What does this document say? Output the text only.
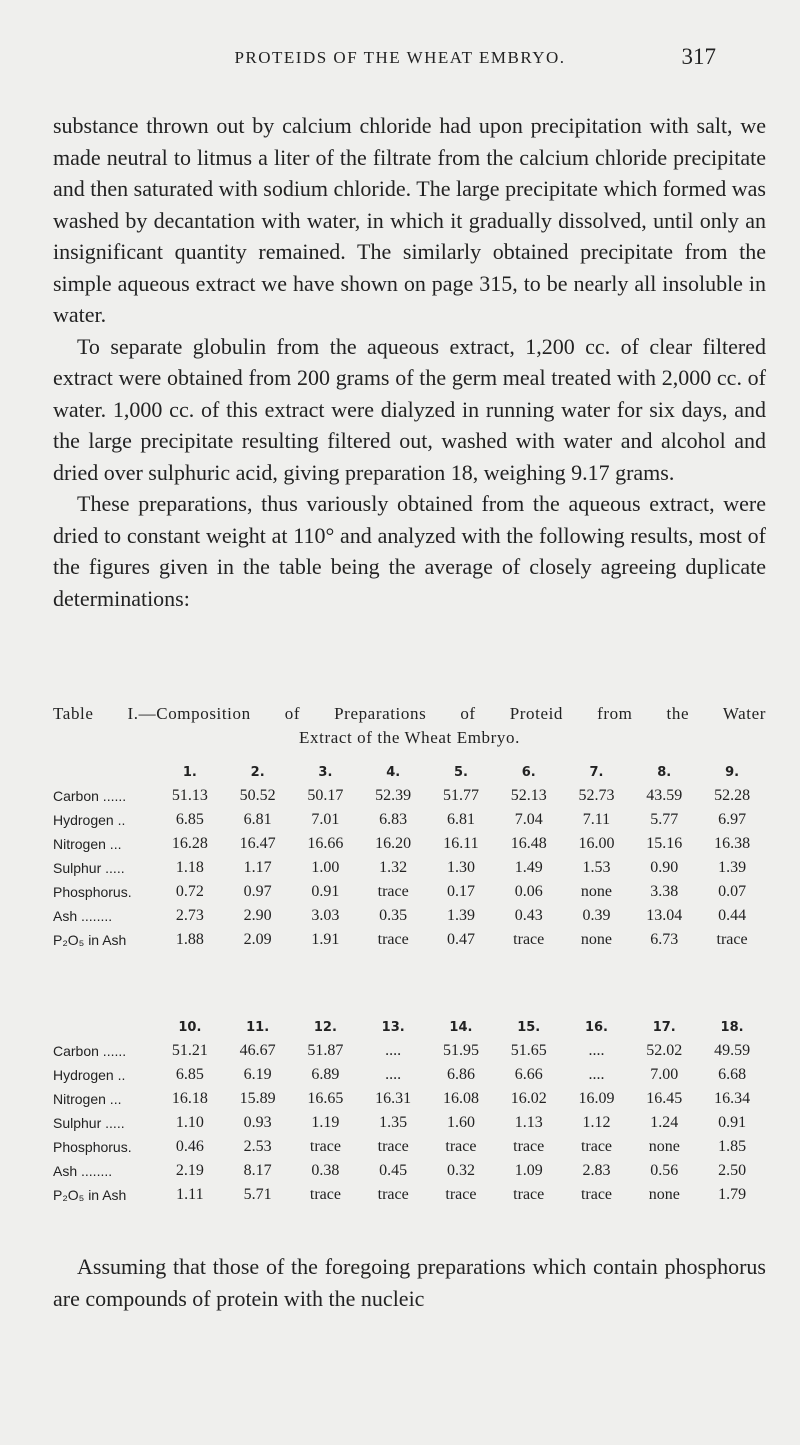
PROTEIDS OF THE WHEAT EMBRYO.	317

substance thrown out by calcium chloride had upon precipitation with salt, we made neutral to litmus a liter of the filtrate from the calcium chloride precipitate and then saturated with sodium chloride. The large precipitate which formed was washed by decantation with water, in which it gradually dissolved, until only an insignificant quantity remained. The similarly obtained precipitate from the simple aqueous extract we have shown on page 315, to be nearly all insoluble in water.

To separate globulin from the aqueous extract, 1,200 cc. of clear filtered extract were obtained from 200 grams of the germ meal treated with 2,000 cc. of water. 1,000 cc. of this extract were dialyzed in running water for six days, and the large precipitate resulting filtered out, washed with water and alcohol and dried over sulphuric acid, giving preparation 18, weighing 9.17 grams.

These preparations, thus variously obtained from the aqueous extract, were dried to constant weight at 110° and analyzed with the following results, most of the figures given in the table being the average of closely agreeing duplicate determinations:

Table I.—Composition of Preparations of Proteid from the Water
Extract of the Wheat Embryo.
	1.	2.	3.	4.	5.	6.	7.	8.	9.
Carbon ......	51.13	50.52	50.17	52.39	51.77	52.13	52.73	43.59	52.28
Hydrogen ..	6.85	6.81	7.01	6.83	6.81	7.04	7.11	5.77	6.97
Nitrogen ...	16.28	16.47	16.66	16.20	16.11	16.48	16.00	15.16	16.38
Sulphur .....	1.18	1.17	1.00	1.32	1.30	1.49	1.53	0.90	1.39
Phosphorus.	0.72	0.97	0.91	trace	0.17	0.06	none	3.38	0.07
Ash ........	2.73	2.90	3.03	0.35	1.39	0.43	0.39	13.04	0.44
P₂O₅ in Ash	1.88	2.09	1.91	trace	0.47	trace	none	6.73	trace
	10.	11.	12.	13.	14.	15.	16.	17.	18.
Carbon ......	51.21	46.67	51.87	....	51.95	51.65	....	52.02	49.59
Hydrogen ..	6.85	6.19	6.89	....	6.86	6.66	....	7.00	6.68
Nitrogen ...	16.18	15.89	16.65	16.31	16.08	16.02	16.09	16.45	16.34
Sulphur .....	1.10	0.93	1.19	1.35	1.60	1.13	1.12	1.24	0.91
Phosphorus.	0.46	2.53	trace	trace	trace	trace	trace	none	1.85
Ash ........	2.19	8.17	0.38	0.45	0.32	1.09	2.83	0.56	2.50
P₂O₅ in Ash	1.11	5.71	trace	trace	trace	trace	trace	none	1.79

Assuming that those of the foregoing preparations which contain phosphorus are compounds of protein with the nucleic
